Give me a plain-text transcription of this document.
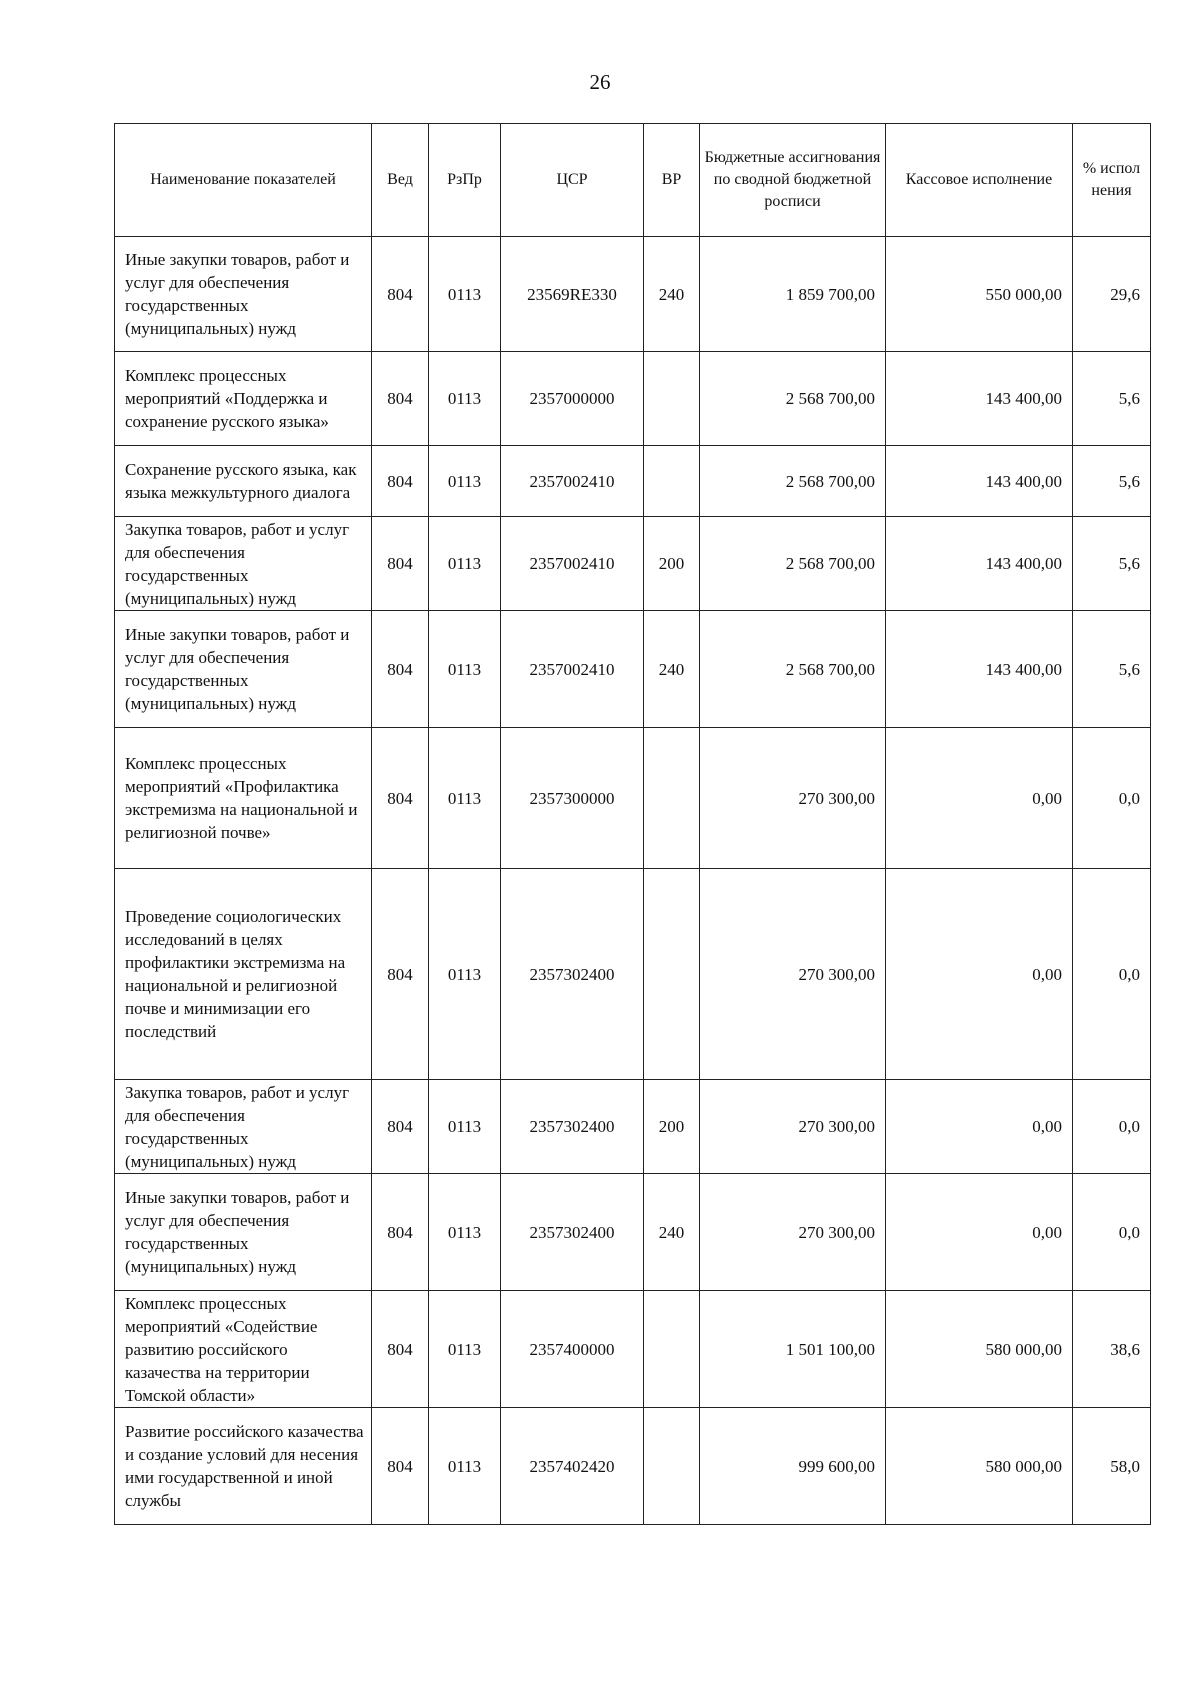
26
Наименование показателей	Вед	РзПр	ЦСР	ВР	Бюджетные ассигнования по сводной бюджетной росписи	Кассовое исполнение	% испол нения
Иные закупки товаров, работ и услуг для обеспечения государственных (муниципальных) нужд	804	0113	23569RE330	240	1 859 700,00	550 000,00	29,6
Комплекс процессных мероприятий «Поддержка и сохранение русского языка»	804	0113	2357000000		2 568 700,00	143 400,00	5,6
Сохранение русского языка, как языка межкультурного диалога	804	0113	2357002410		2 568 700,00	143 400,00	5,6
Закупка товаров, работ и услуг для обеспечения государственных (муниципальных) нужд	804	0113	2357002410	200	2 568 700,00	143 400,00	5,6
Иные закупки товаров, работ и услуг для обеспечения государственных (муниципальных) нужд	804	0113	2357002410	240	2 568 700,00	143 400,00	5,6
Комплекс процессных мероприятий «Профилактика экстремизма на национальной и религиозной почве»	804	0113	2357300000		270 300,00	0,00	0,0
Проведение социологических исследований в целях профилактики экстремизма на национальной и религиозной почве и минимизации его последствий	804	0113	2357302400		270 300,00	0,00	0,0
Закупка товаров, работ и услуг для обеспечения государственных (муниципальных) нужд	804	0113	2357302400	200	270 300,00	0,00	0,0
Иные закупки товаров, работ и услуг для обеспечения государственных (муниципальных) нужд	804	0113	2357302400	240	270 300,00	0,00	0,0
Комплекс процессных мероприятий «Содействие развитию российского казачества на территории Томской области»	804	0113	2357400000		1 501 100,00	580 000,00	38,6
Развитие российского казачества и создание условий для несения ими государственной и иной службы	804	0113	2357402420		999 600,00	580 000,00	58,0
